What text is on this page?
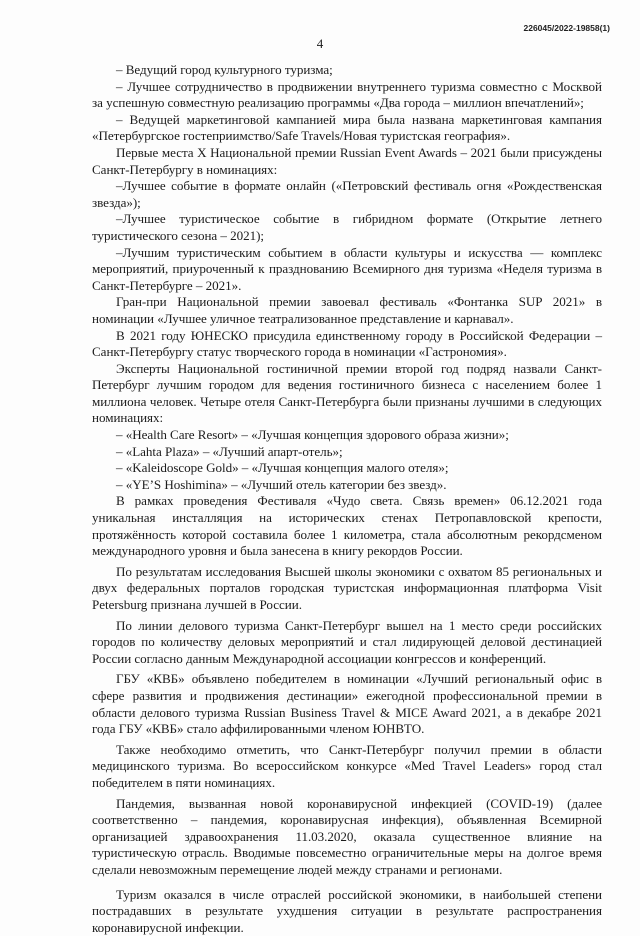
226045/2022-19858(1)
4

– Ведущий город культурного туризма;

– Лучшее сотрудничество в продвижении внутреннего туризма совместно с Москвой за успешную совместную реализацию программы «Два города – миллион впечатлений»;

– Ведущей маркетинговой кампанией мира была названа маркетинговая кампания «Петербургское гостеприимство/Safe Travels/Новая туристская география».

Первые места X Национальной премии Russian Event Awards – 2021 были присуждены Санкт-Петербургу в номинациях:

–Лучшее событие в формате онлайн («Петровский фестиваль огня «Рождественская звезда»);

–Лучшее туристическое событие в гибридном формате (Открытие летнего туристического сезона – 2021);

–Лучшим туристическим событием в области культуры и искусства — комплекс мероприятий, приуроченный к празднованию Всемирного дня туризма «Неделя туризма в Санкт-Петербурге – 2021».

Гран-при Национальной премии завоевал фестиваль «Фонтанка SUP 2021» в номинации «Лучшее уличное театрализованное представление и карнавал».

В 2021 году ЮНЕСКО присудила единственному городу в Российской Федерации – Санкт-Петербургу статус творческого города в номинации «Гастрономия».

Эксперты Национальной гостиничной премии второй год подряд назвали Санкт-Петербург лучшим городом для ведения гостиничного бизнеса с населением более 1 миллиона человек. Четыре отеля Санкт-Петербурга были признаны лучшими в следующих номинациях:

– «Health Care Resort» – «Лучшая концепция здорового образа жизни»;

– «Lahta Plaza» – «Лучший апарт-отель»;

– «Kaleidoscope Gold» – «Лучшая концепция малого отеля»;

– «YE’S Hoshimina» – «Лучший отель категории без звезд».

В рамках проведения Фестиваля «Чудо света. Связь времен» 06.12.2021 года уникальная инсталляция на исторических стенах Петропавловской крепости, протяжённость которой составила более 1 километра, стала абсолютным рекордсменом международного уровня и была занесена в книгу рекордов России.

По результатам исследования Высшей школы экономики с охватом 85 региональных и двух федеральных порталов городская туристская информационная платформа Visit Petersburg признана лучшей в России.

По линии делового туризма Санкт-Петербург вышел на 1 место среди российских городов по количеству деловых мероприятий и стал лидирующей деловой дестинацией России согласно данным Международной ассоциации конгрессов и конференций.

ГБУ «КВБ» объявлено победителем в номинации «Лучший региональный офис в сфере развития и продвижения дестинации» ежегодной профессиональной премии в области делового туризма Russian Business Travel & MICE Award 2021, а в декабре 2021 года ГБУ «КВБ» стало аффилированными членом ЮНВТО.

Также необходимо отметить, что Санкт-Петербург получил премии в области медицинского туризма. Во всероссийском конкурсе «Med Travel Leaders» город стал победителем в пяти номинациях.

Пандемия, вызванная новой коронавирусной инфекцией (COVID-19) (далее соответственно – пандемия, коронавирусная инфекция), объявленная Всемирной организацией здравоохранения 11.03.2020, оказала существенное влияние на туристическую отрасль. Вводимые повсеместно ограничительные меры на долгое время сделали невозможным перемещение людей между странами и регионами.

Туризм оказался в числе отраслей российской экономики, в наибольшей степени пострадавших в результате ухудшения ситуации в результате распространения коронавирусной инфекции.
